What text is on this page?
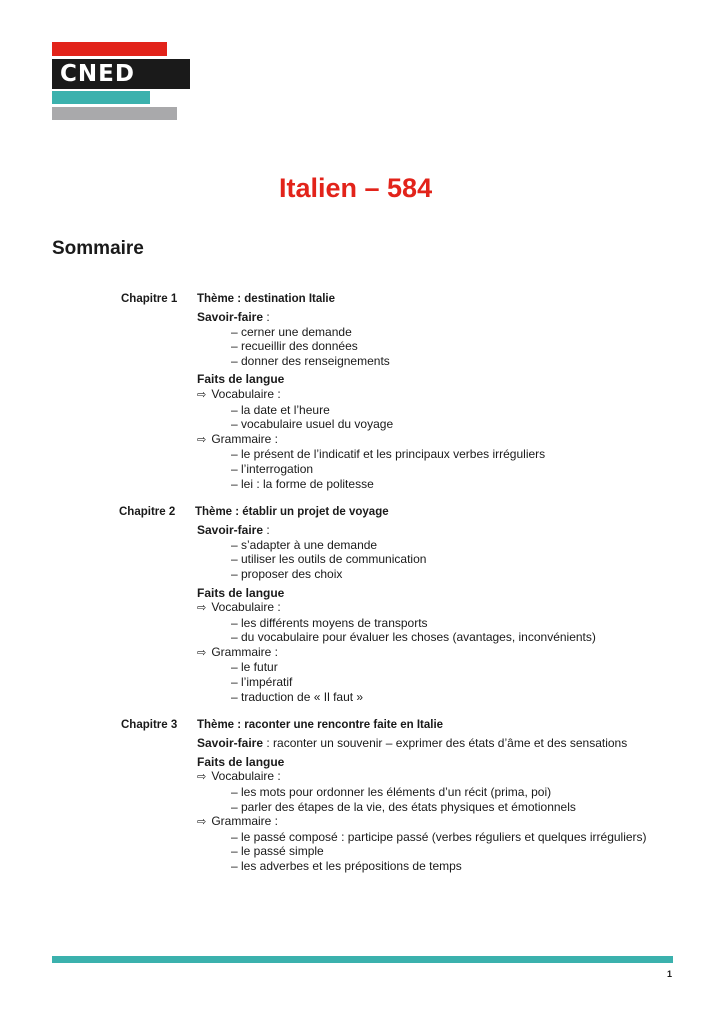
CNED
Italien – 584
Sommaire
Chapitre 1 Thème : destination Italie
Savoir-faire :
– cerner une demande
– recueillir des données
– donner des renseignements
Faits de langue
⇨ Vocabulaire :
– la date et l’heure
– vocabulaire usuel du voyage
⇨ Grammaire :
– le présent de l’indicatif et les principaux verbes irréguliers
– l’interrogation
– lei : la forme de politesse
Chapitre 2 Thème : établir un projet de voyage
Savoir-faire :
– s’adapter à une demande
– utiliser les outils de communication
– proposer des choix
Faits de langue
⇨ Vocabulaire :
– les différents moyens de transports
– du vocabulaire pour évaluer les choses (avantages, inconvénients)
⇨ Grammaire :
– le futur
– l’impératif
– traduction de « Il faut »
Chapitre 3 Thème : raconter une rencontre faite en Italie
Savoir-faire : raconter un souvenir – exprimer des états d’âme et des sensations
Faits de langue
⇨ Vocabulaire :
– les mots pour ordonner les éléments d’un récit (prima, poi)
– parler des étapes de la vie, des états physiques et émotionnels
⇨ Grammaire :
– le passé composé : participe passé (verbes réguliers et quelques irréguliers)
– le passé simple
– les adverbes et les prépositions de temps
1
